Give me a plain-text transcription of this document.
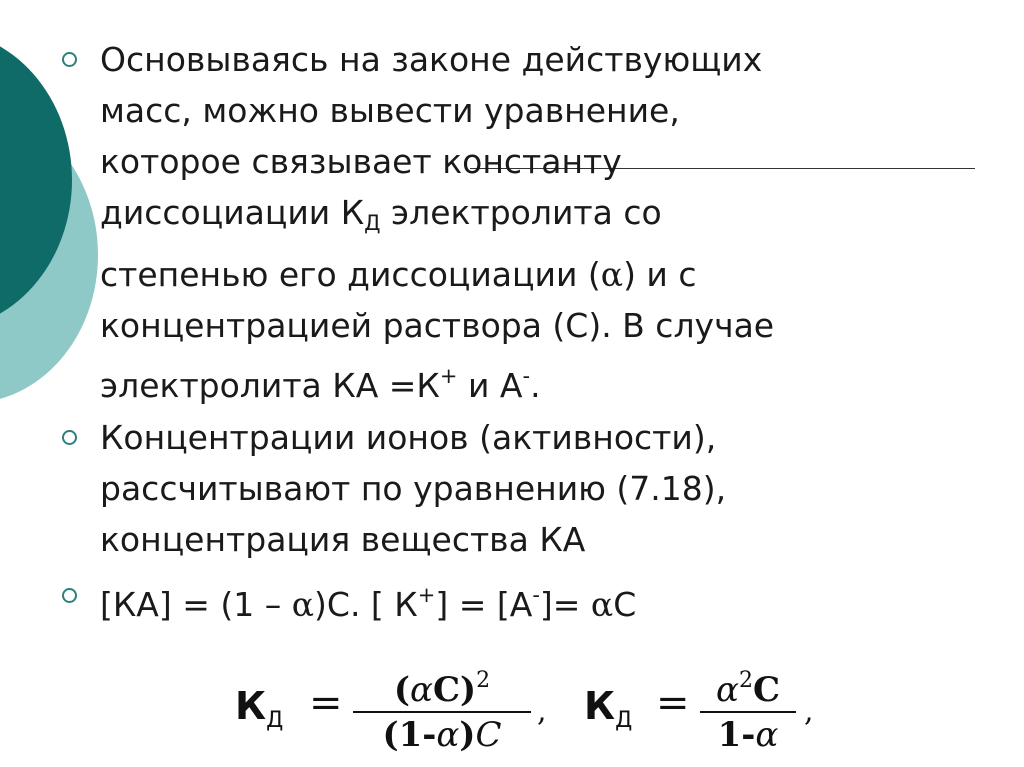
Основываясь на законе действующих
масс, можно вывести уравнение,
которое связывает константу
диссоциации $К_Д$ электролита со
степенью его диссоциации (α) и с
концентрацией раствора (С). В случае
электролита КА =К+ и А-.
Концентрации ионов (активности),
рассчитывают по уравнению (7.18),
концентрация вещества КА
[КА] = (1 – α)С. [ К+] = [А-]= αС
$К_Д = \frac{(\alpha C)^2}{(1-\alpha)C}$ , $К_Д = \frac{\alpha^2C}{1-\alpha}$ ,
